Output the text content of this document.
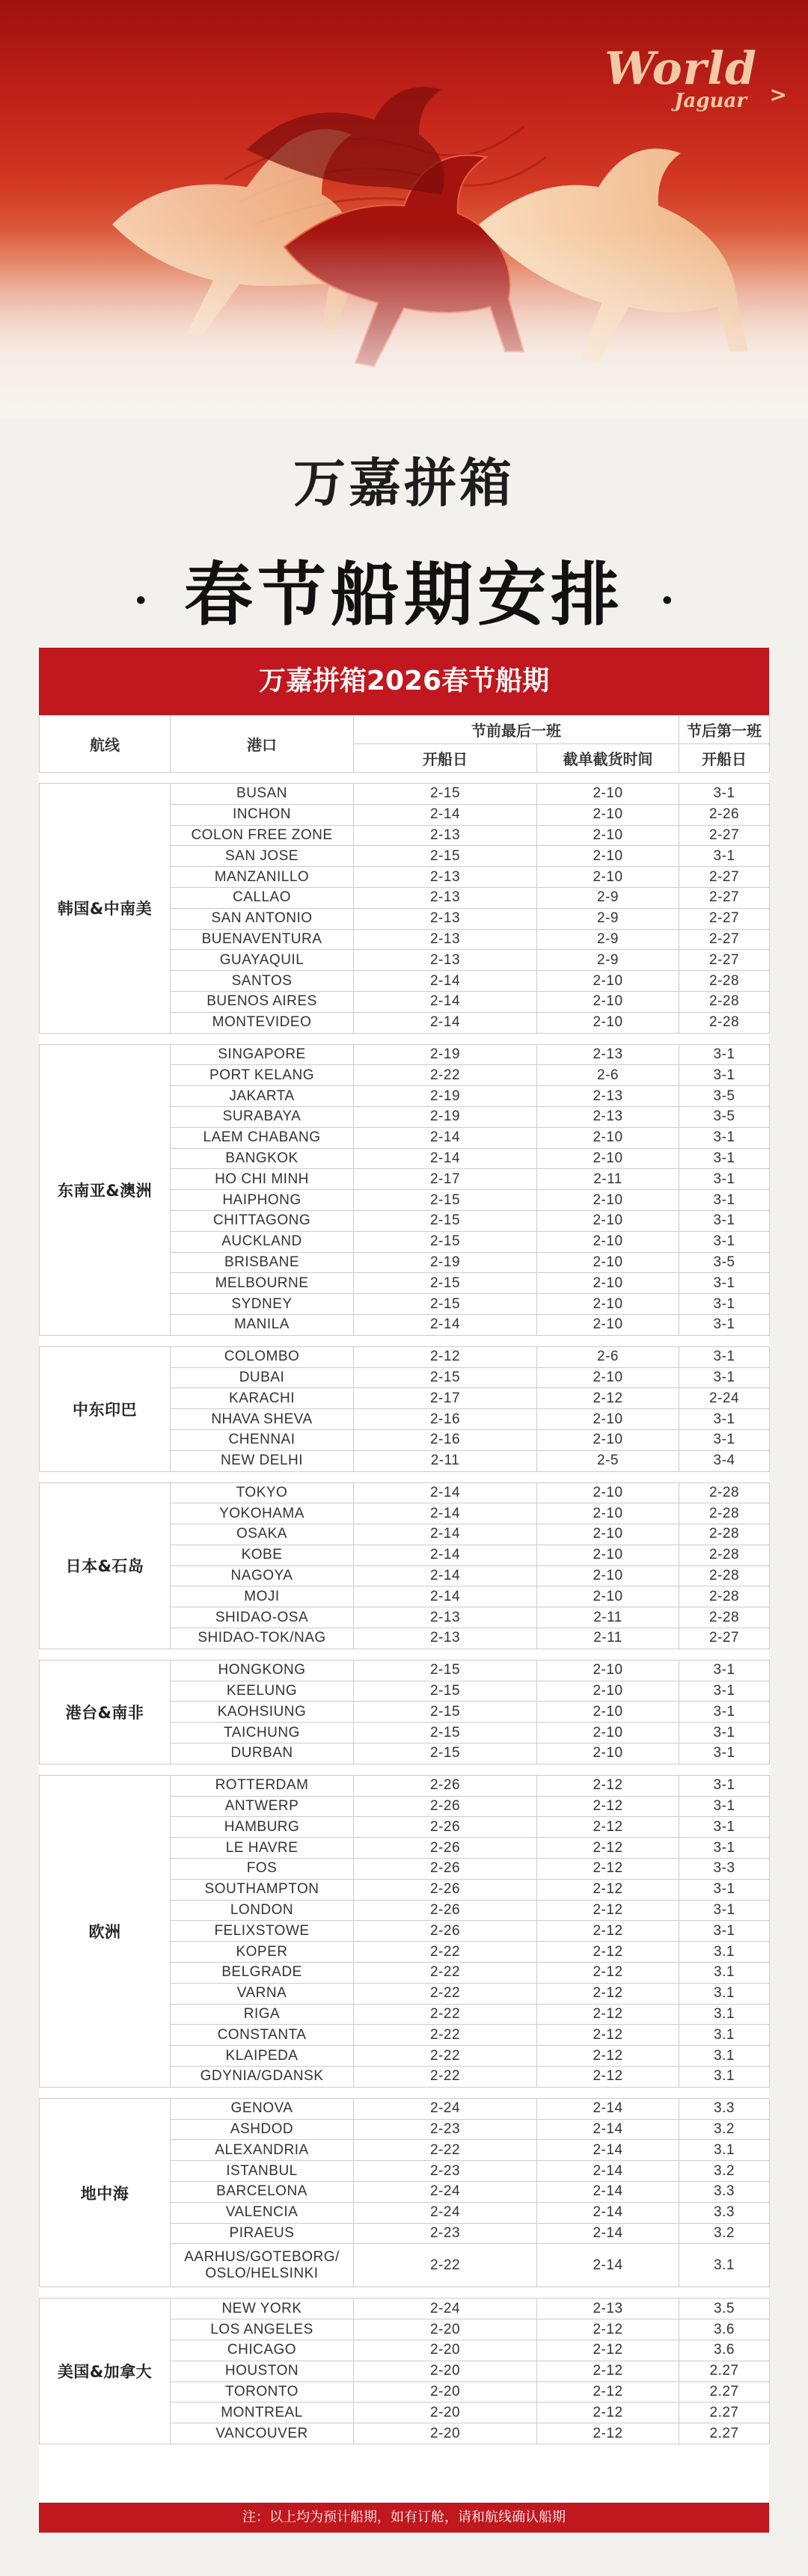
World
Jaguar >
万嘉拼箱
· 春节船期安排 ·
万嘉拼箱2026春节船期
航线	港口	节前最后一班		节后第一班
		开船日	截单截货时间	开船日

韩国&中南美	BUSAN	2-15	2-10	3-1
	INCHON	2-14	2-10	2-26
	COLON FREE ZONE	2-13	2-10	2-27
	SAN JOSE	2-15	2-10	3-1
	MANZANILLO	2-13	2-10	2-27
	CALLAO	2-13	2-9	2-27
	SAN ANTONIO	2-13	2-9	2-27
	BUENAVENTURA	2-13	2-9	2-27
	GUAYAQUIL	2-13	2-9	2-27
	SANTOS	2-14	2-10	2-28
	BUENOS AIRES	2-14	2-10	2-28
	MONTEVIDEO	2-14	2-10	2-28

东南亚&澳洲	SINGAPORE	2-19	2-13	3-1
	PORT KELANG	2-22	2-6	3-1
	JAKARTA	2-19	2-13	3-5
	SURABAYA	2-19	2-13	3-5
	LAEM CHABANG	2-14	2-10	3-1
	BANGKOK	2-14	2-10	3-1
	HO CHI MINH	2-17	2-11	3-1
	HAIPHONG	2-15	2-10	3-1
	CHITTAGONG	2-15	2-10	3-1
	AUCKLAND	2-15	2-10	3-1
	BRISBANE	2-19	2-10	3-5
	MELBOURNE	2-15	2-10	3-1
	SYDNEY	2-15	2-10	3-1
	MANILA	2-14	2-10	3-1

中东印巴	COLOMBO	2-12	2-6	3-1
	DUBAI	2-15	2-10	3-1
	KARACHI	2-17	2-12	2-24
	NHAVA SHEVA	2-16	2-10	3-1
	CHENNAI	2-16	2-10	3-1
	NEW DELHI	2-11	2-5	3-4

日本&石岛	TOKYO	2-14	2-10	2-28
	YOKOHAMA	2-14	2-10	2-28
	OSAKA	2-14	2-10	2-28
	KOBE	2-14	2-10	2-28
	NAGOYA	2-14	2-10	2-28
	MOJI	2-14	2-10	2-28
	SHIDAO-OSA	2-13	2-11	2-28
	SHIDAO-TOK/NAG	2-13	2-11	2-27

港台&南非	HONGKONG	2-15	2-10	3-1
	KEELUNG	2-15	2-10	3-1
	KAOHSIUNG	2-15	2-10	3-1
	TAICHUNG	2-15	2-10	3-1
	DURBAN	2-15	2-10	3-1

欧洲	ROTTERDAM	2-26	2-12	3-1
	ANTWERP	2-26	2-12	3-1
	HAMBURG	2-26	2-12	3-1
	LE HAVRE	2-26	2-12	3-1
	FOS	2-26	2-12	3-3
	SOUTHAMPTON	2-26	2-12	3-1
	LONDON	2-26	2-12	3-1
	FELIXSTOWE	2-26	2-12	3-1
	KOPER	2-22	2-12	3.1
	BELGRADE	2-22	2-12	3.1
	VARNA	2-22	2-12	3.1
	RIGA	2-22	2-12	3.1
	CONSTANTA	2-22	2-12	3.1
	KLAIPEDA	2-22	2-12	3.1
	GDYNIA/GDANSK	2-22	2-12	3.1

地中海	GENOVA	2-24	2-14	3.3
	ASHDOD	2-23	2-14	3.2
	ALEXANDRIA	2-22	2-14	3.1
	ISTANBUL	2-23	2-14	3.2
	BARCELONA	2-24	2-14	3.3
	VALENCIA	2-24	2-14	3.3
	PIRAEUS	2-23	2-14	3.2
	AARHUS/GOTEBORG/
OSLO/HELSINKI	2-22	2-14	3.1

美国&加拿大	NEW YORK	2-24	2-13	3.5
	LOS ANGELES	2-20	2-12	3.6
	CHICAGO	2-20	2-12	3.6
	HOUSTON	2-20	2-12	2.27
	TORONTO	2-20	2-12	2.27
	MONTREAL	2-20	2-12	2.27
	VANCOUVER	2-20	2-12	2.27
注：以上均为预计船期，如有订舱，请和航线确认船期
